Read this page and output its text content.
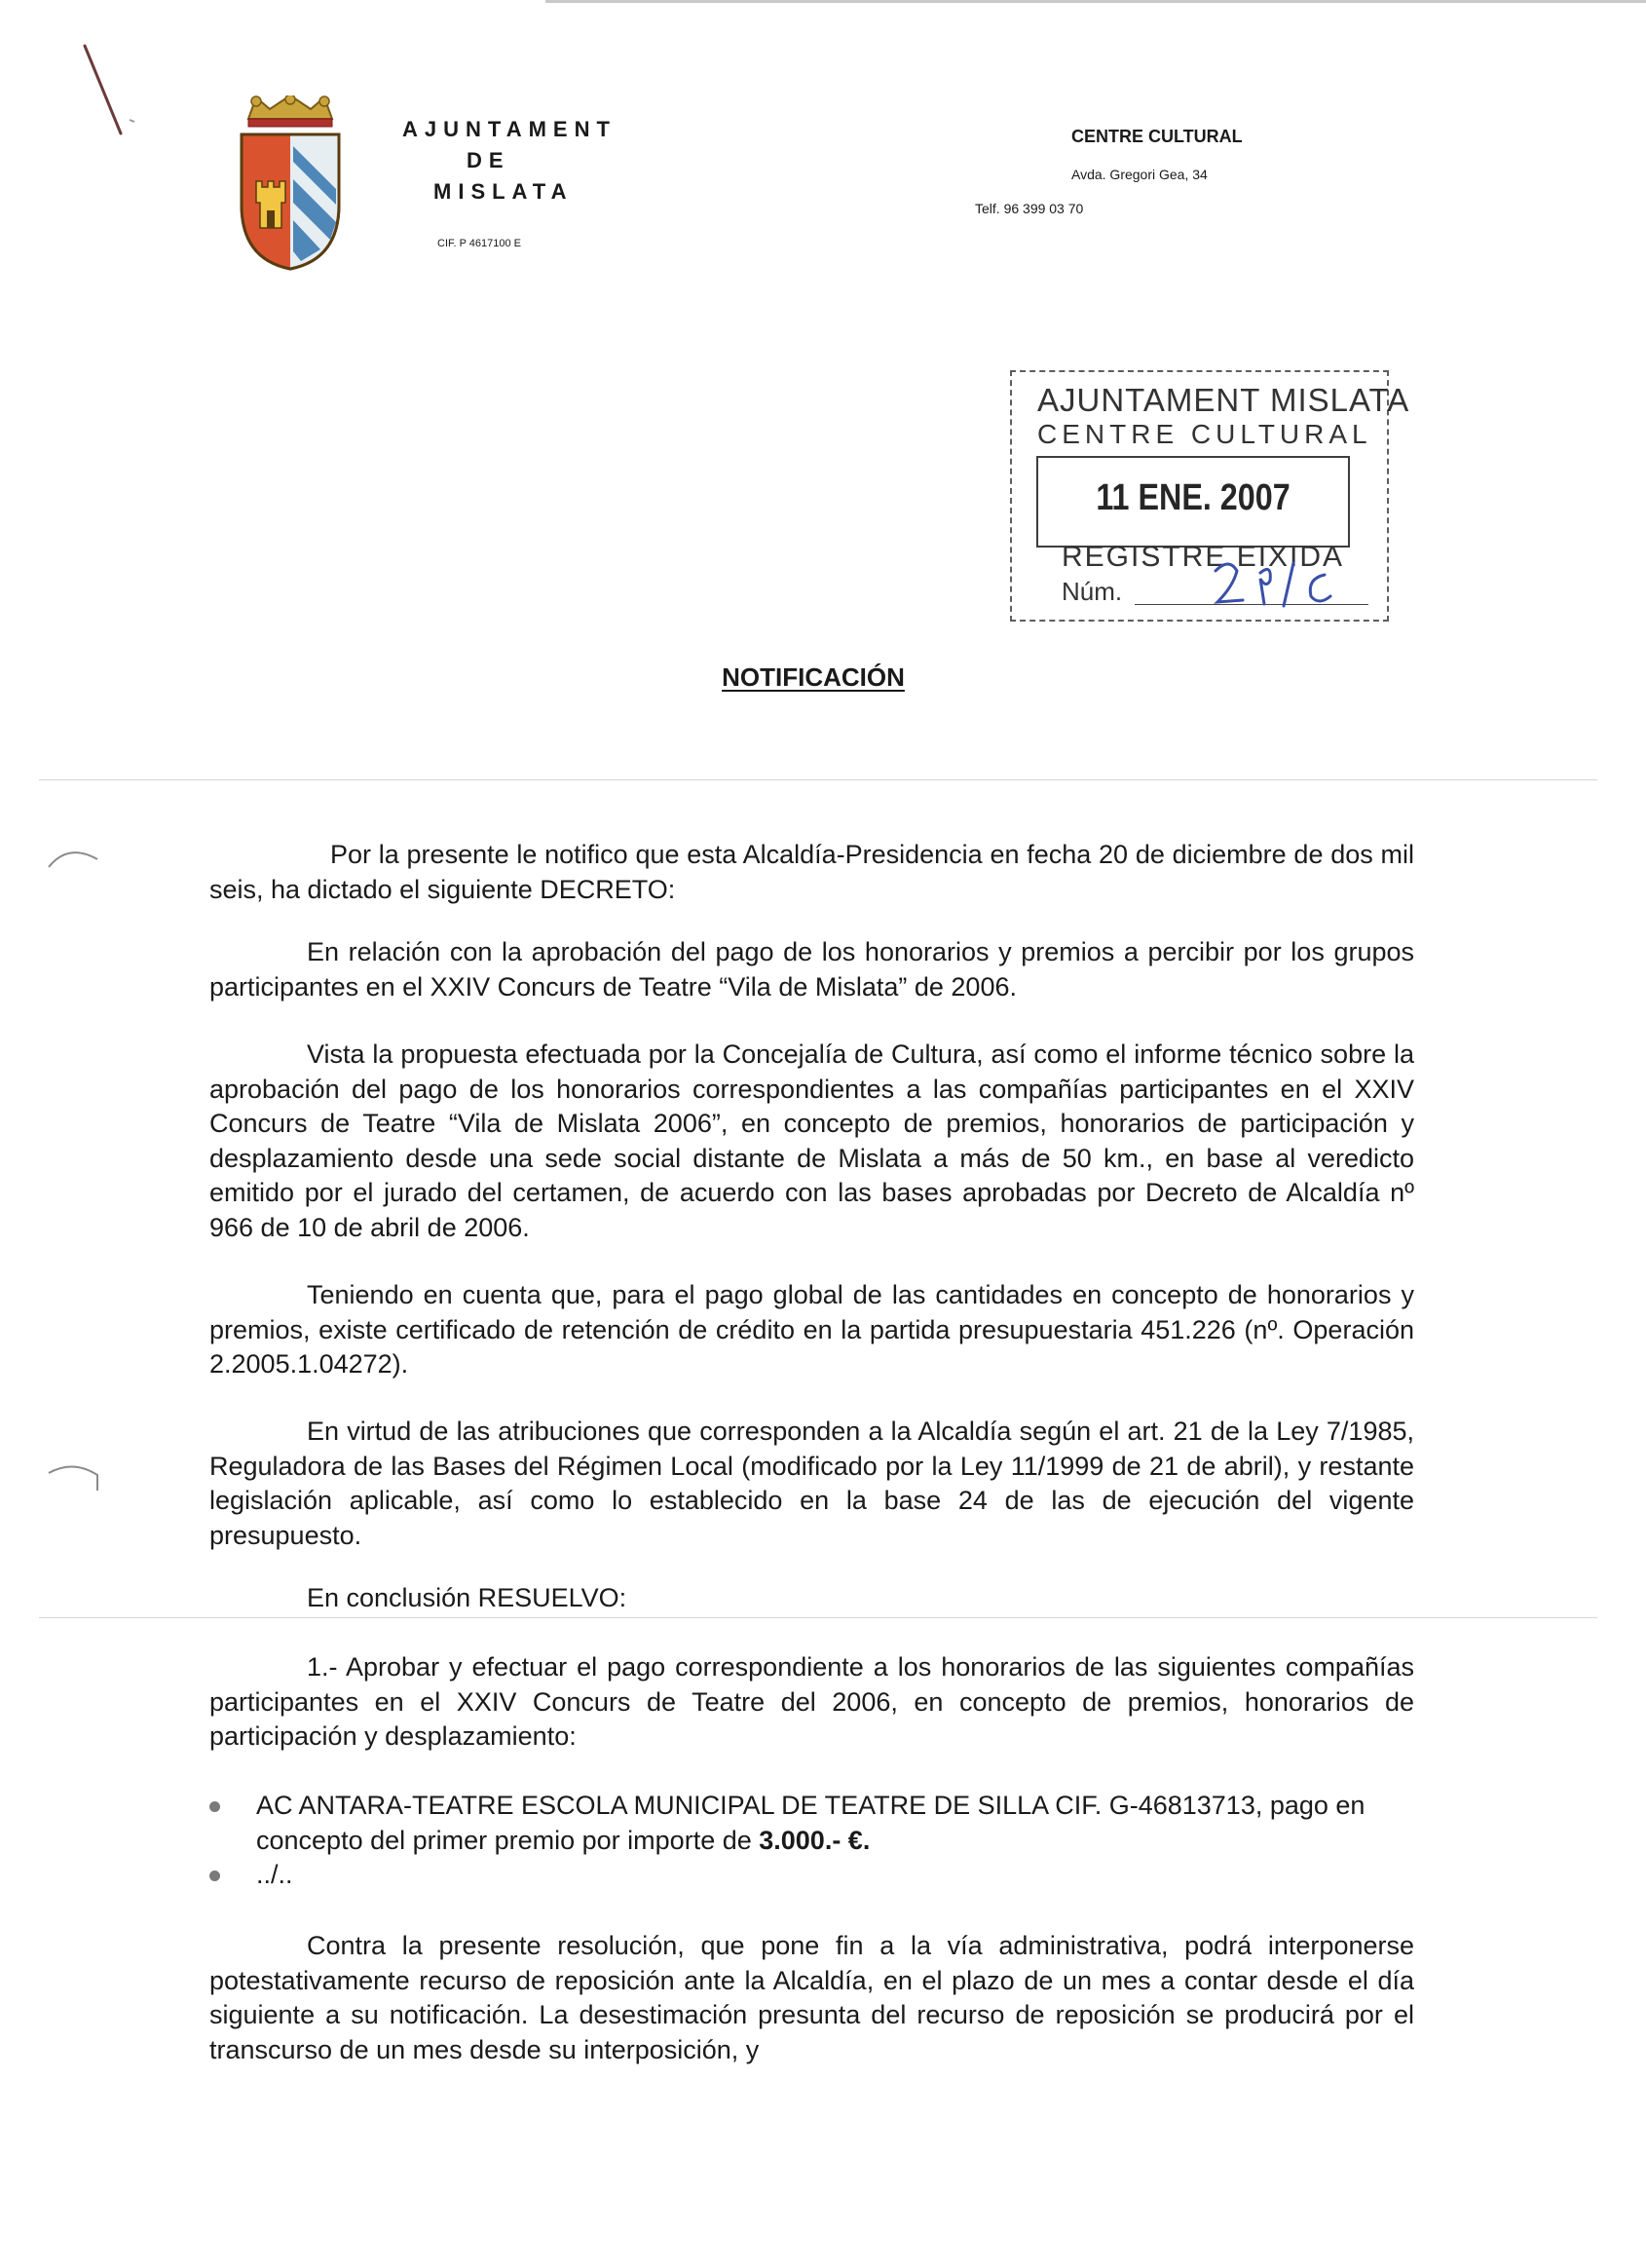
AJUNTAMENT
DE
MISLATA
CIF. P 4617100 E
CENTRE CULTURAL
Avda. Gregori Gea, 34
Telf. 96 399 03 70
AJUNTAMENT MISLATA
CENTRE CULTURAL
11 ENE. 2007
REGISTRE EIXIDA
Núm.
NOTIFICACIÓN

Por la presente le notifico que esta Alcaldía-Presidencia en fecha 20 de diciembre de dos mil seis, ha dictado el siguiente DECRETO:

En relación con la aprobación del pago de los honorarios y premios a percibir por los grupos participantes en el XXIV Concurs de Teatre “Vila de Mislata” de 2006.

Vista la propuesta efectuada por la Concejalía de Cultura, así como el informe técnico sobre la aprobación del pago de los honorarios correspondientes a las compañías participantes en el XXIV Concurs de Teatre “Vila de Mislata 2006”, en concepto de premios, honorarios de participación y desplazamiento desde una sede social distante de Mislata a más de 50 km., en base al veredicto emitido por el jurado del certamen, de acuerdo con las bases aprobadas por Decreto de Alcaldía nº 966 de 10 de abril de 2006.

Teniendo en cuenta que, para el pago global de las cantidades en concepto de honorarios y premios, existe certificado de retención de crédito en la partida presupuestaria 451.226 (nº. Operación 2.2005.1.04272).

En virtud de las atribuciones que corresponden a la Alcaldía según el art. 21 de la Ley 7/1985, Reguladora de las Bases del Régimen Local (modificado por la Ley 11/1999 de 21 de abril), y restante legislación aplicable, así como lo establecido en la base 24 de las de ejecución del vigente presupuesto.

En conclusión RESUELVO:

1.- Aprobar y efectuar el pago correspondiente a los honorarios de las siguientes compañías participantes en el XXIV Concurs de Teatre del 2006, en concepto de premios, honorarios de participación y desplazamiento:

AC ANTARA-TEATRE ESCOLA MUNICIPAL DE TEATRE DE SILLA CIF. G-46813713, pago en concepto del primer premio por importe de 3.000.- €.
../..

Contra la presente resolución, que pone fin a la vía administrativa, podrá interponerse potestativamente recurso de reposición ante la Alcaldía, en el plazo de un mes a contar desde el día siguiente a su notificación. La desestimación presunta del recurso de reposición se producirá por el transcurso de un mes desde su interposición, y
